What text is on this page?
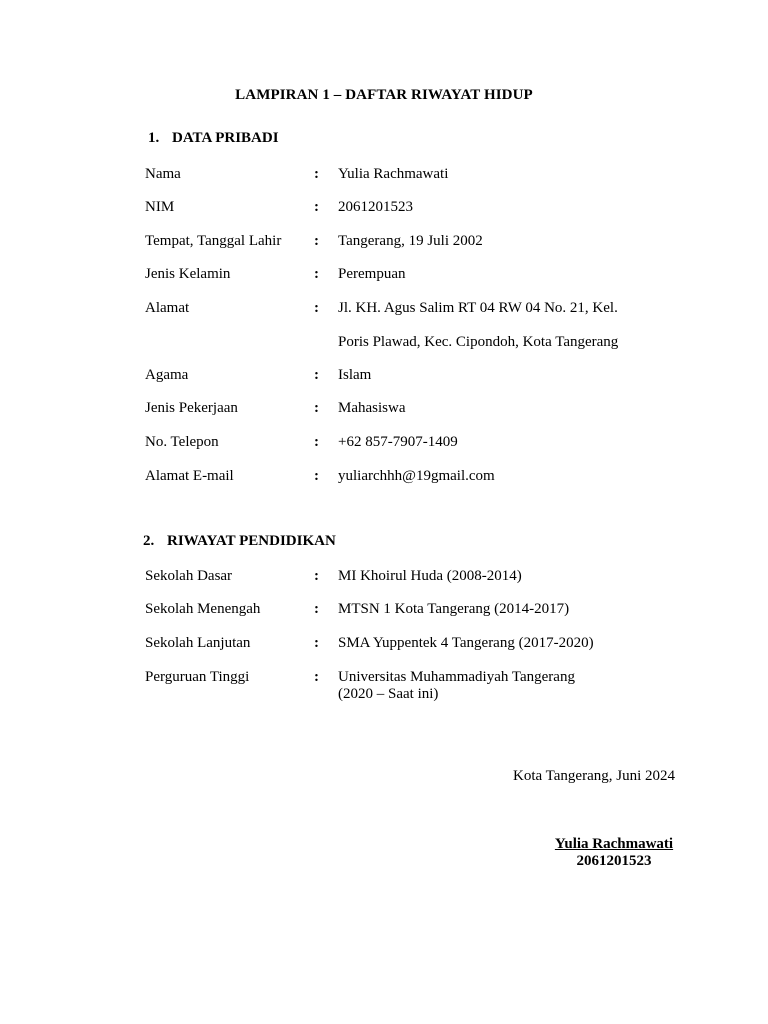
LAMPIRAN 1 – DAFTAR RIWAYAT HIDUP
1. DATA PRIBADI
Nama	: Yulia Rachmawati
NIM	: 2061201523
Tempat, Tanggal Lahir : Tangerang, 19 Juli 2002
Jenis Kelamin	: Perempuan
Alamat	: Jl. KH. Agus Salim RT 04 RW 04 No. 21, Kel.
Poris Plawad, Kec. Cipondoh, Kota Tangerang
Agama	: Islam
Jenis Pekerjaan	: Mahasiswa
No. Telepon	: +62 857-7907-1409
Alamat E-mail	: yuliarchhh@19gmail.com
2. RIWAYAT PENDIDIKAN
Sekolah Dasar	: MI Khoirul Huda (2008-2014)
Sekolah Menengah	: MTSN 1 Kota Tangerang (2014-2017)
Sekolah Lanjutan	: SMA Yuppentek 4 Tangerang (2017-2020)
Perguruan Tinggi	: Universitas Muhammadiyah Tangerang
(2020 – Saat ini)
Kota Tangerang, Juni 2024
Yulia Rachmawati
2061201523
